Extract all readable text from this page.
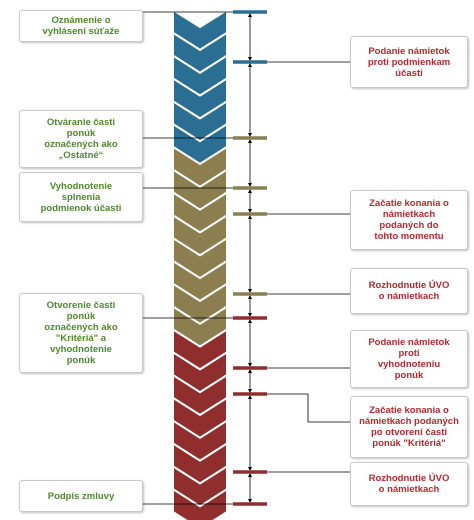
Oznámenie o
vyhlásení súťaže
Otváranie časti
ponúk
označených ako
„Ostatné“
Vyhodnotenie
splnenia
podmienok účasti
Otvorenie časti
ponúk
označených ako
"Kritériá" a
vyhodnotenie
ponúk
Podpis zmluvy
Podanie námietok
proti podmienkam
účasti
Začatie konania o
námietkach
podaných do
tohto momentu
Rozhodnutie ÚVO
o námietkach
Podanie námietok
proti
vyhodnoteniu
ponúk
Začatie konania o
námietkach podaných
po otvorení časti
ponúk "Kritériá"
Rozhodnutie ÚVO
o námietkach
